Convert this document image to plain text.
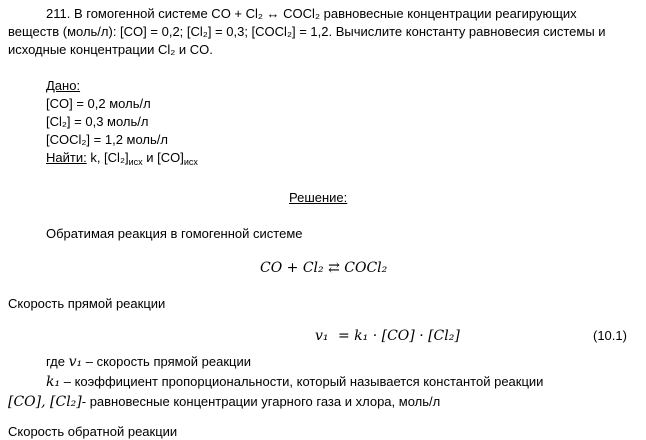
211. В гомогенной системе CO + Cl₂ ↔ COCl₂ равновесные концентрации реагирующих
веществ (моль/л): [CO] = 0,2; [Cl₂] = 0,3; [COCl₂] = 1,2. Вычислите константу равновесия системы и
исходные концентрации Cl₂ и CO.
Дано:
[CO] = 0,2 моль/л
[Cl₂] = 0,3 моль/л
[COCl₂] = 1,2 моль/л
Найти: k, $[Cl_2]_{исх}$ и $[CO]_{исх}$
Решение:
Обратимая реакция в гомогенной системе
CO + Cl₂ ⇄ COCl₂
Скорость прямой реакции
v₁ = k₁ · [CO] · [Cl₂]	(10.1)
где v₁ – скорость прямой реакции
k₁ – коэффициент пропорциональности, который называется константой реакции
[CO], [Cl₂]- равновесные концентрации угарного газа и хлора, моль/л
Скорость обратной реакции
